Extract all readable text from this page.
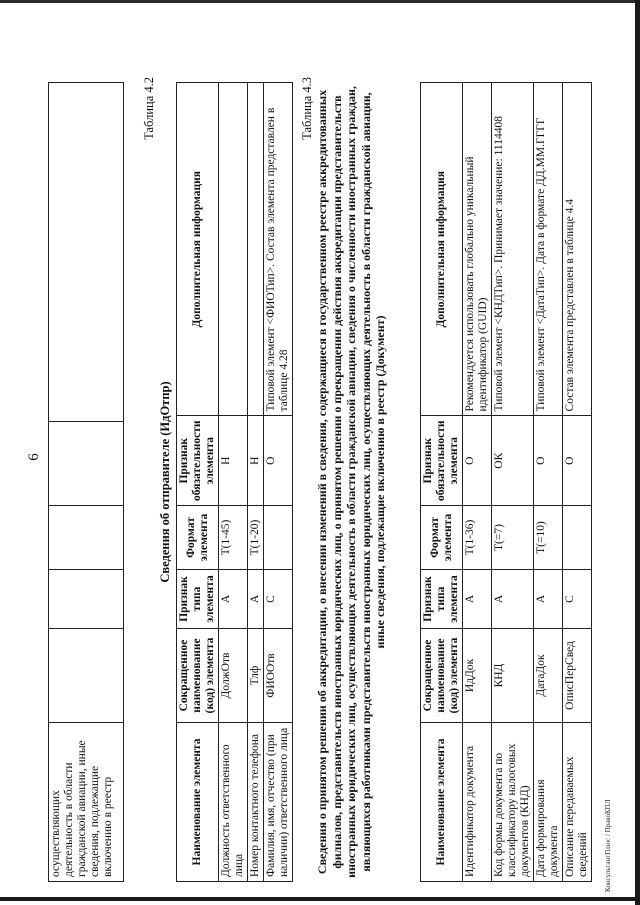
6
осуществляющих деятельность в области гражданской авиации, иные сведения, подлежащие включению в реестр					
Таблица 4.2
Сведения об отправителе (ИдОтпр)
Наименование элемента	Сокращенное наименование (код) элемента	Признак типа элемента	Формат элемента	Признак обязательности элемента	Дополнительная информация
Должность ответственного лица	ДолжОтв	А	Т(1-45)	Н	
Номер контактного телефона	Тлф	А	Т(1-20)	Н	
Фамилия, имя, отчество (при наличии) ответственного лица	ФИООтв	С		О	Типовой элемент <ФИОТип>. Состав элемента представлен в таблице 4.28
Таблица 4.3 Сведения о принятом решении об аккредитации, о внесении изменений в сведения, содержащиеся в государственном реестре аккредитованных филиалов, представительств иностранных юридических лиц, о принятом решении о прекращении действия аккредитации представительств иностранных юридических лиц, осуществляющих деятельность в области гражданской авиации, сведения о численности иностранных граждан, являющихся работниками представительств иностранных юридических лиц, осуществляющих деятельность в области гражданской авиации, иные сведения, подлежащие включению в реестр (Документ)
Наименование элемента	Сокращенное наименование (код) элемента	Признак типа элемента	Формат элемента	Признак обязательности элемента	Дополнительная информация
Идентификатор документа	ИдДок	А	Т(1-36)	О	Рекомендуется использовать глобально уникальный идентификатор (GUID)
Код формы документа по классификатору налоговых документов (КНД)	КНД	А	Т(=7)	ОК	Типовой элемент <КНДТип>. Принимает значение: 1114408
Дата формирования документа	ДатаДок	А	Т(=10)	О	Типовой элемент <ДатаТип>. Дата в формате ДД.ММ.ГГГГ
Описание передаваемых сведений	ОписПерСвед	С		О	Состав элемента представлен в таблице 4.4
КонсультантПлюс / ПравоКПЛ
